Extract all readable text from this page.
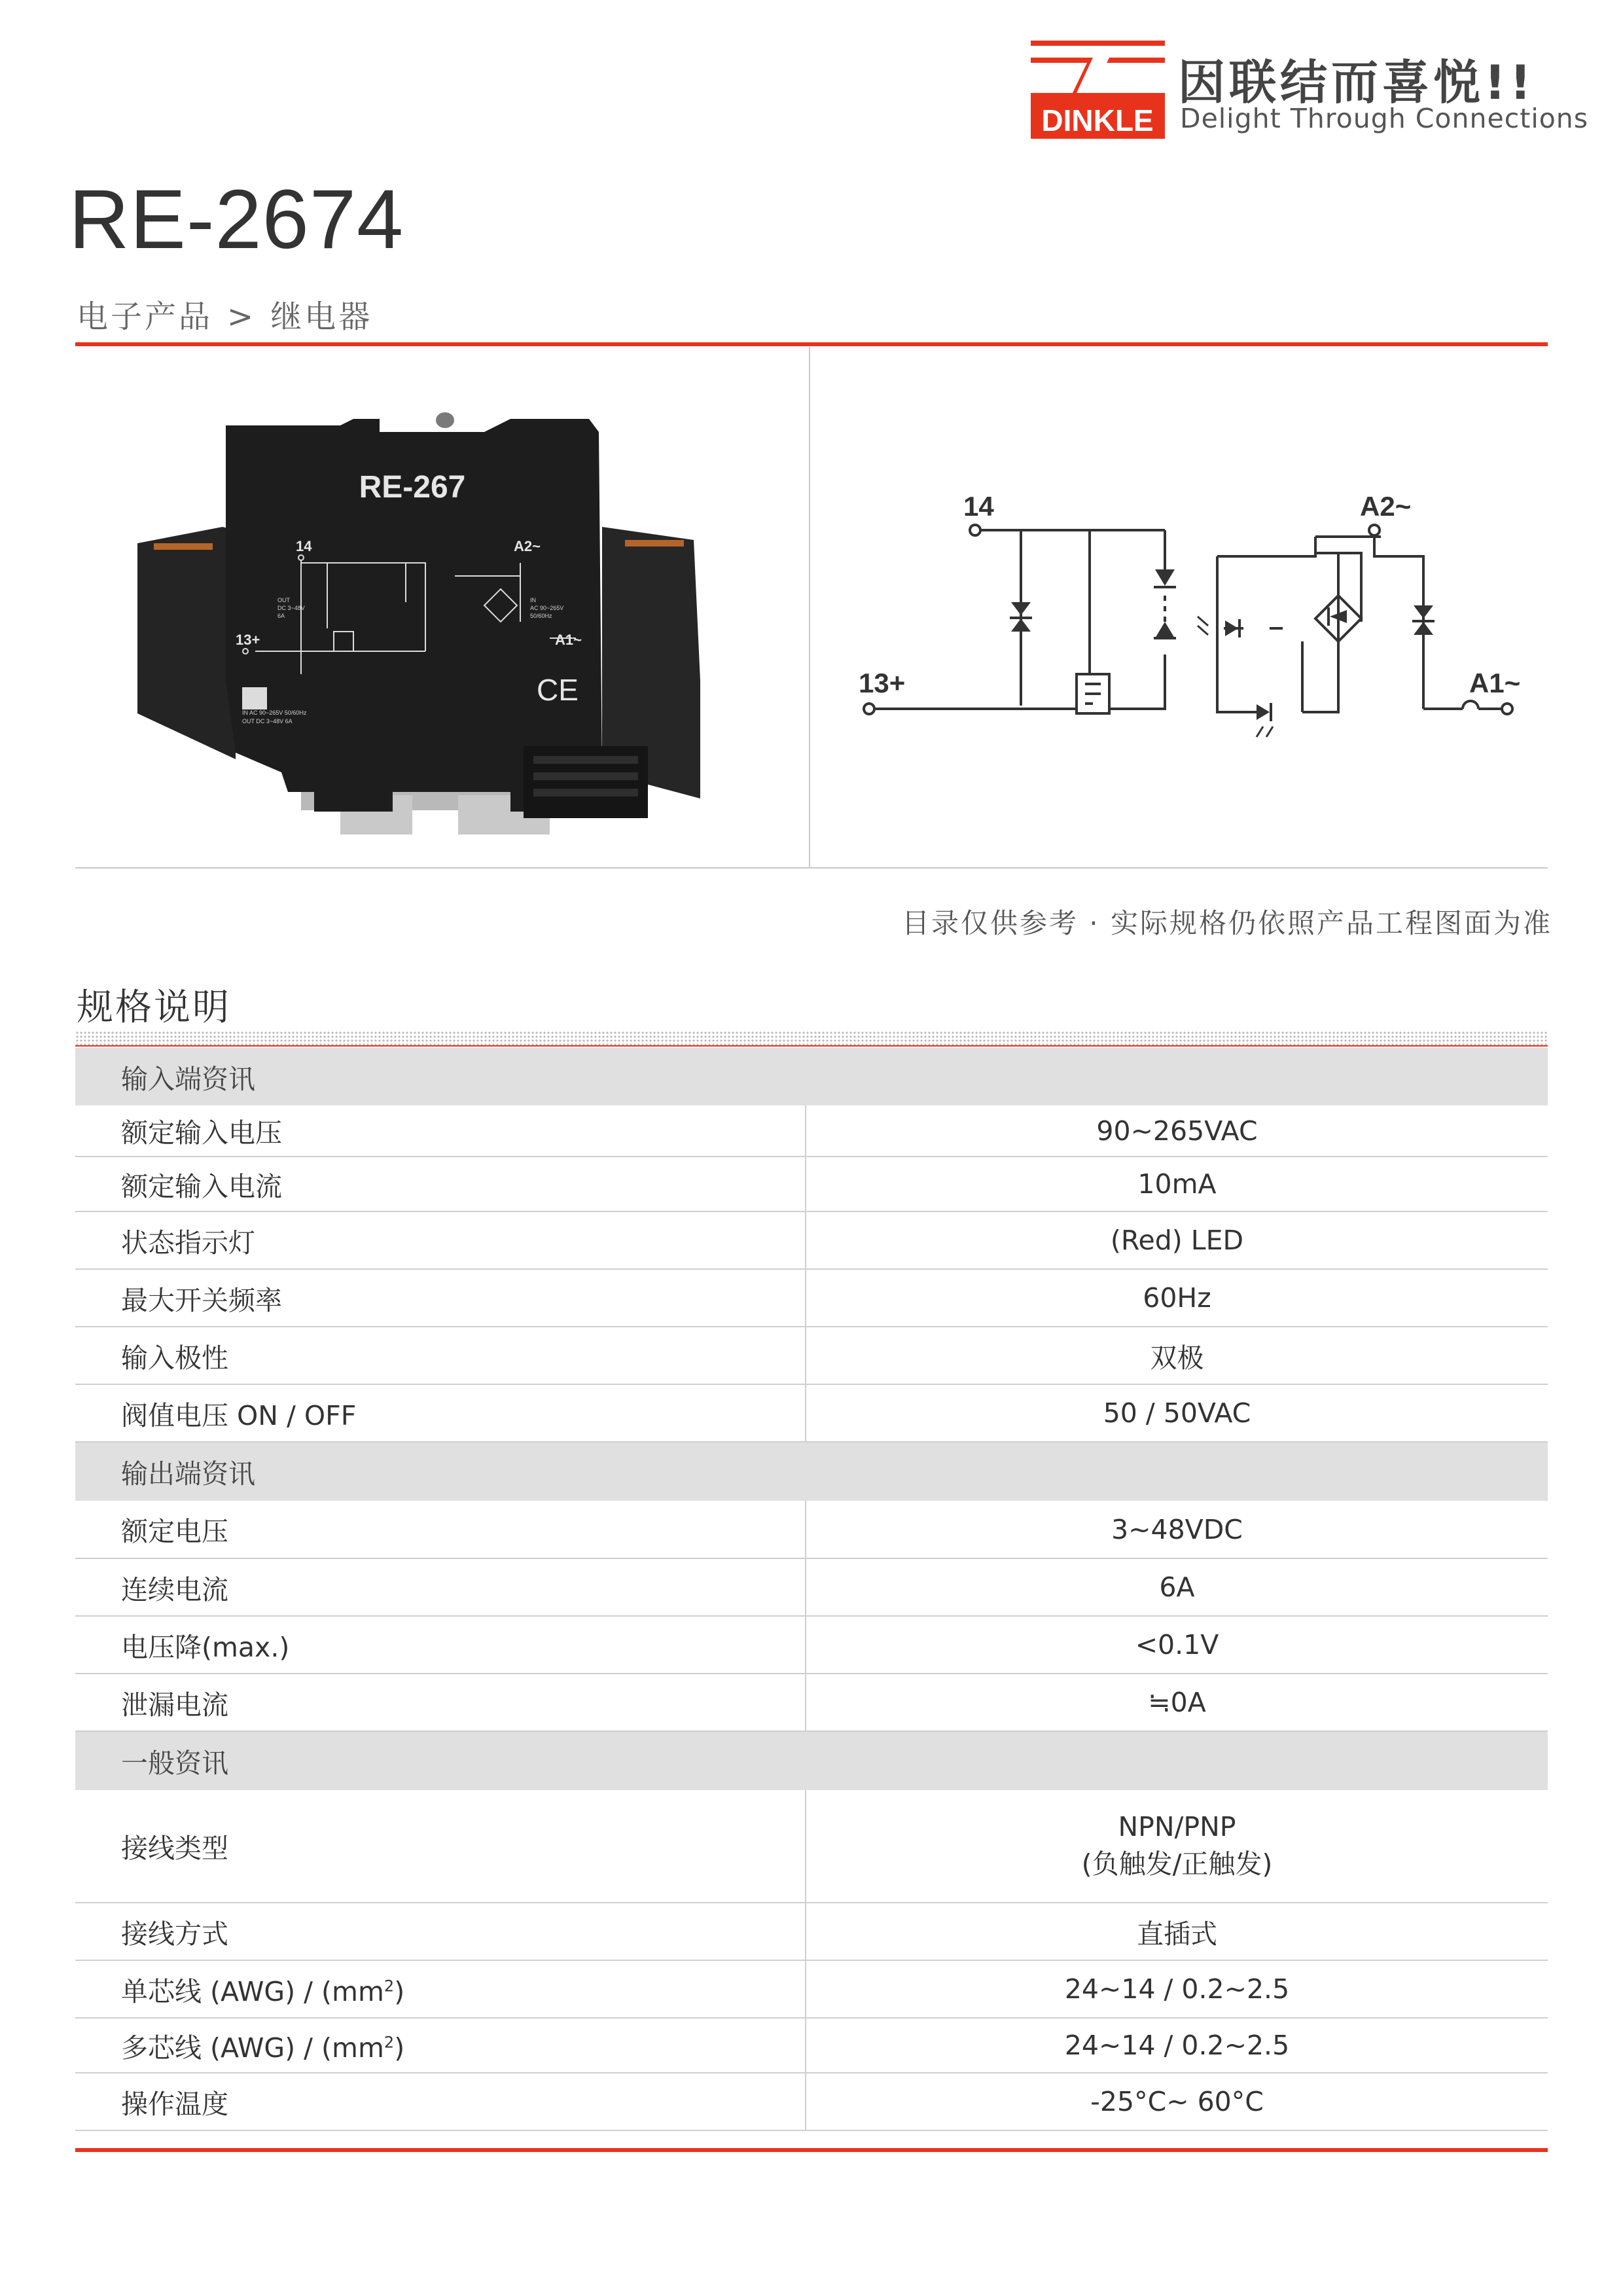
DINKLE
因联结而喜悦!!
Delight Through Connections
RE-2674
电子产品 > 继电器
RE-267
14	A2~
13+	A1~
OUT
DC 3~48V
6A
IN
AC 90~265V
50/60Hz
IN AC 90~265V 50/60Hz
OUT DC 3~48V 6A
CE
14	A2~
13+	A1~
目录仅供参考 · 实际规格仍依照产品工程图面为准
规格说明
输入端资讯	
额定输入电压	90~265VAC
额定输入电流	10mA
状态指示灯	(Red) LED
最大开关频率	60Hz
输入极性	双极
阀值电压 ON / OFF	50 / 50VAC
输出端资讯	
额定电压	3~48VDC
连续电流	6A
电压降(max.)	<0.1V
泄漏电流	≒0A
一般资讯	
接线类型	NPN/PNP
(负触发/正触发)

接线方式	直插式
单芯线 $(AWG) / (mm^2)$	24~14 / 0.2~2.5
多芯线 $(AWG) / (mm^2)$	24~14 / 0.2~2.5
操作温度	-25°C~ 60°C
